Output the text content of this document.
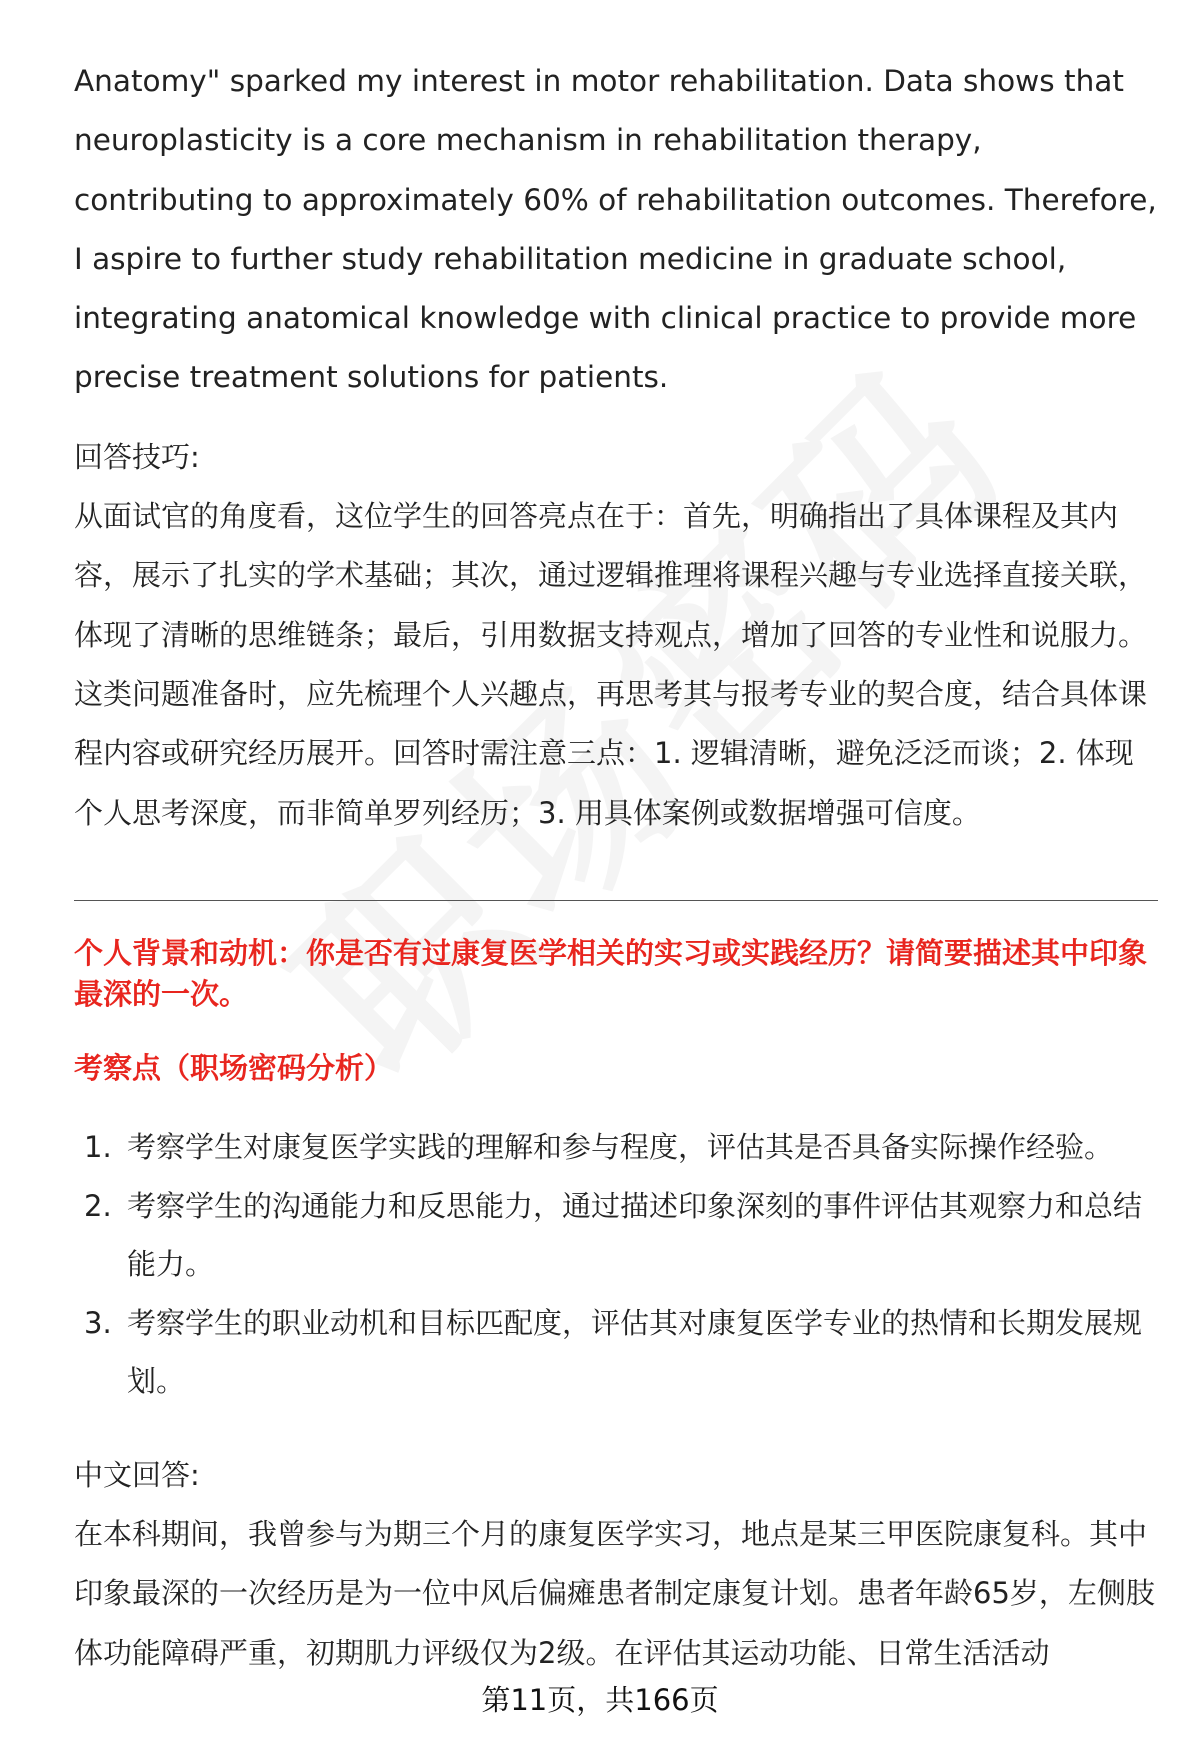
Anatomy" sparked my interest in motor rehabilitation. Data shows that neuroplasticity is a core mechanism in rehabilitation therapy, contributing to approximately 60% of rehabilitation outcomes. Therefore, I aspire to further study rehabilitation medicine in graduate school, integrating anatomical knowledge with clinical practice to provide more precise treatment solutions for patients.

回答技巧:

从面试官的角度看，这位学生的回答亮点在于：首先，明确指出了具体课程及其内容，展示了扎实的学术基础；其次，通过逻辑推理将课程兴趣与专业选择直接关联，体现了清晰的思维链条；最后，引用数据支持观点，增加了回答的专业性和说服力。这类问题准备时，应先梳理个人兴趣点，再思考其与报考专业的契合度，结合具体课程内容或研究经历展开。回答时需注意三点：1. 逻辑清晰，避免泛泛而谈；2. 体现个人思考深度，而非简单罗列经历；3. 用具体案例或数据增强可信度。

个人背景和动机：你是否有过康复医学相关的实习或实践经历？请简要描述其中印象最深的一次。

考察点（职场密码分析）

1. 考察学生对康复医学实践的理解和参与程度，评估其是否具备实际操作经验。
2. 考察学生的沟通能力和反思能力，通过描述印象深刻的事件评估其观察力和总结能力。
3. 考察学生的职业动机和目标匹配度，评估其对康复医学专业的热情和长期发展规划。

中文回答:

在本科期间，我曾参与为期三个月的康复医学实习，地点是某三甲医院康复科。其中印象最深的一次经历是为一位中风后偏瘫患者制定康复计划。患者年龄65岁，左侧肢体功能障碍严重，初期肌力评级仅为2级。在评估其运动功能、日常生活活动

第11页，共166页
